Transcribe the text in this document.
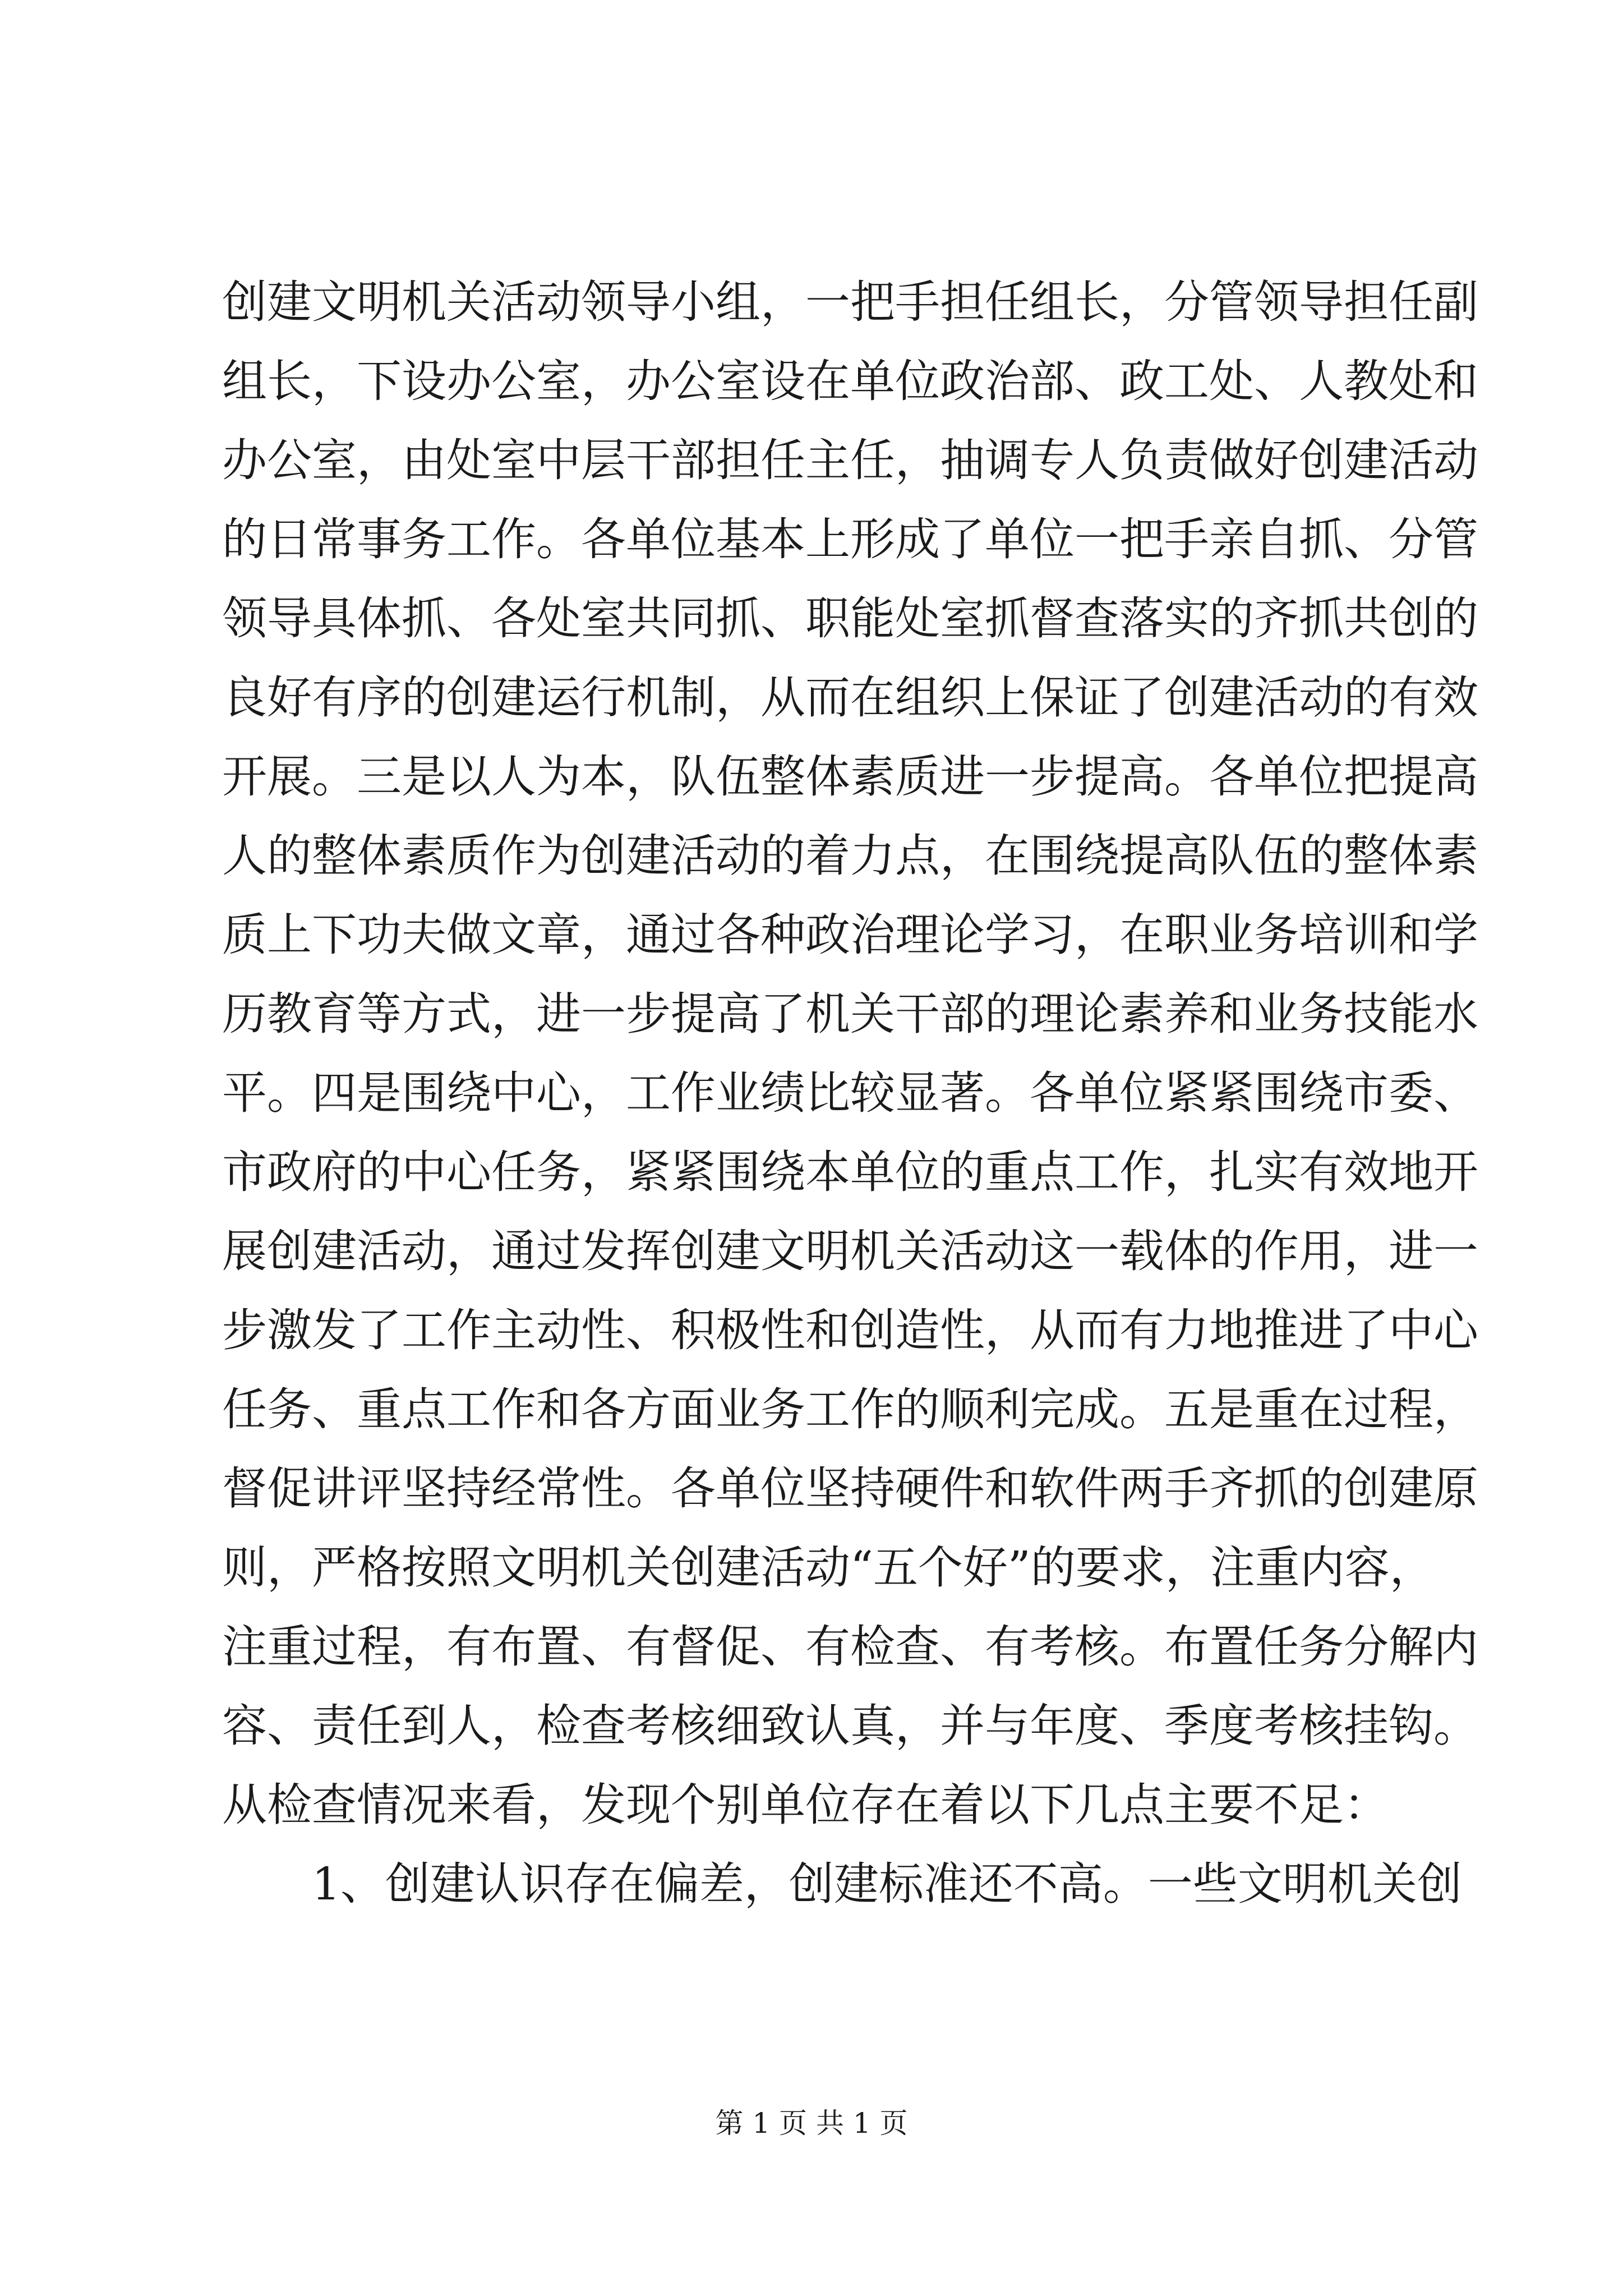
创建文明机关活动领导小组，一把手担任组长，分管领导担任副
组长，下设办公室，办公室设在单位政治部、政工处、人教处和
办公室，由处室中层干部担任主任，抽调专人负责做好创建活动
的日常事务工作。各单位基本上形成了单位一把手亲自抓、分管
领导具体抓、各处室共同抓、职能处室抓督查落实的齐抓共创的
良好有序的创建运行机制，从而在组织上保证了创建活动的有效
开展。三是以人为本，队伍整体素质进一步提高。各单位把提高
人的整体素质作为创建活动的着力点，在围绕提高队伍的整体素
质上下功夫做文章，通过各种政治理论学习，在职业务培训和学
历教育等方式，进一步提高了机关干部的理论素养和业务技能水
平。四是围绕中心，工作业绩比较显著。各单位紧紧围绕市委、
市政府的中心任务，紧紧围绕本单位的重点工作，扎实有效地开
展创建活动，通过发挥创建文明机关活动这一载体的作用，进一
步激发了工作主动性、积极性和创造性，从而有力地推进了中心
任务、重点工作和各方面业务工作的顺利完成。五是重在过程，
督促讲评坚持经常性。各单位坚持硬件和软件两手齐抓的创建原
则，严格按照文明机关创建活动“五个好”的要求，注重内容，
注重过程，有布置、有督促、有检查、有考核。布置任务分解内
容、责任到人，检查考核细致认真，并与年度、季度考核挂钩。
从检查情况来看，发现个别单位存在着以下几点主要不足：
1、创建认识存在偏差，创建标准还不高。一些文明机关创
第 1 页 共 1 页
